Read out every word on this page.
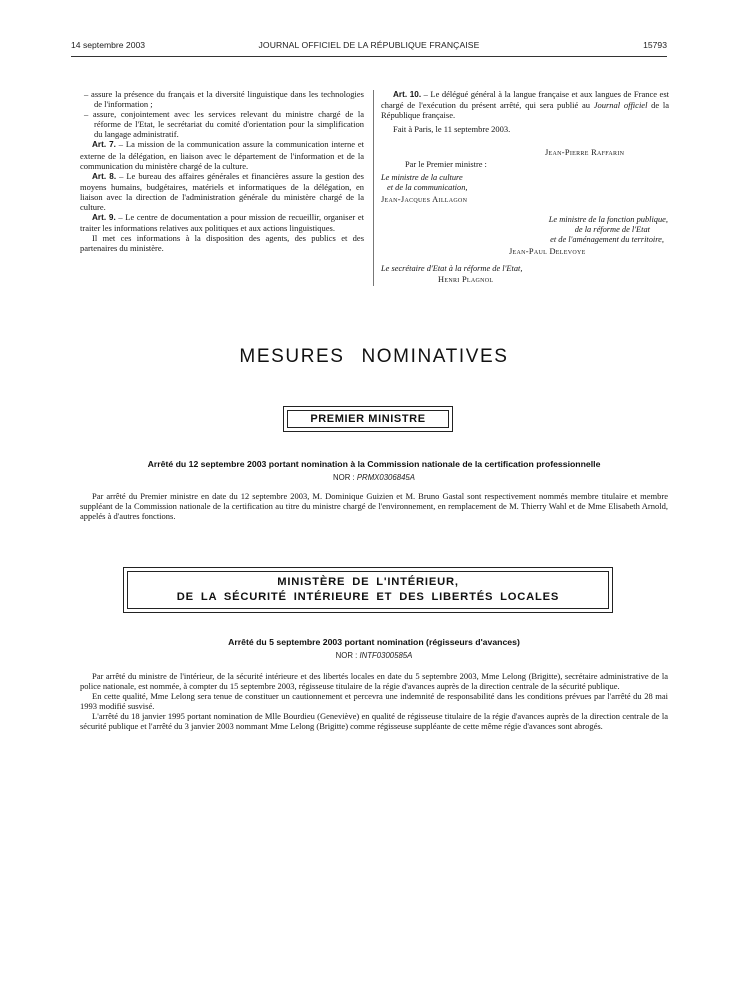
14 septembre 2003	JOURNAL OFFICIEL DE LA RÉPUBLIQUE FRANÇAISE	15793

– assure la présence du français et la diversité linguistique dans les technologies de l'information ;

– assure, conjointement avec les services relevant du ministre chargé de la réforme de l'Etat, le secrétariat du comité d'orientation pour la simplification du langage administratif.

Art. 7. – La mission de la communication assure la communication interne et externe de la délégation, en liaison avec le département de l'information et de la communication du ministère chargé de la culture.

Art. 8. – Le bureau des affaires générales et financières assure la gestion des moyens humains, budgétaires, matériels et informatiques de la délégation, en liaison avec la direction de l'administration générale du ministère chargé de la culture.

Art. 9. – Le centre de documentation a pour mission de recueillir, organiser et traiter les informations relatives aux politiques et aux actions linguistiques.

Il met ces informations à la disposition des agents, des publics et des partenaires du ministère.

Art. 10. – Le délégué général à la langue française et aux langues de France est chargé de l'exécution du présent arrêté, qui sera publié au Journal officiel de la République française.

Fait à Paris, le 11 septembre 2003.

Jean-Pierre Raffarin
Par le Premier ministre :
Le ministre de la culture
et de la communication,
Jean-Jacques Aillagon
Le ministre de la fonction publique,
de la réforme de l'Etat
et de l'aménagement du territoire,
Jean-Paul Delevoye
Le secrétaire d'Etat à la réforme de l'Etat,
Henri Plagnol
MESURES NOMINATIVES
PREMIER MINISTRE
Arrêté du 12 septembre 2003 portant nomination à la Commission nationale de la certification professionnelle
NOR : PRMX0306845A

Par arrêté du Premier ministre en date du 12 septembre 2003, M. Dominique Guizien et M. Bruno Gastal sont respectivement nommés membre titulaire et membre suppléant de la Commission nationale de la certification au titre du ministre chargé de l'environnement, en remplacement de M. Thierry Wahl et de Mme Elisabeth Arnold, appelés à d'autres fonctions.

MINISTÈRE DE L'INTÉRIEUR,
DE LA SÉCURITÉ INTÉRIEURE ET DES LIBERTÉS LOCALES
Arrêté du 5 septembre 2003 portant nomination (régisseurs d'avances)
NOR : INTF0300585A

Par arrêté du ministre de l'intérieur, de la sécurité intérieure et des libertés locales en date du 5 septembre 2003, Mme Lelong (Brigitte), secrétaire administrative de la police nationale, est nommée, à compter du 15 septembre 2003, régisseuse titulaire de la régie d'avances auprès de la direction centrale de la sécurité publique.

En cette qualité, Mme Lelong sera tenue de constituer un cautionnement et percevra une indemnité de responsabilité dans les conditions prévues par l'arrêté du 28 mai 1993 modifié susvisé.

L'arrêté du 18 janvier 1995 portant nomination de Mlle Bourdieu (Geneviève) en qualité de régisseuse titulaire de la régie d'avances auprès de la direction centrale de la sécurité publique et l'arrêté du 3 janvier 2003 nommant Mme Lelong (Brigitte) comme régisseuse suppléante de cette même régie d'avances sont abrogés.
